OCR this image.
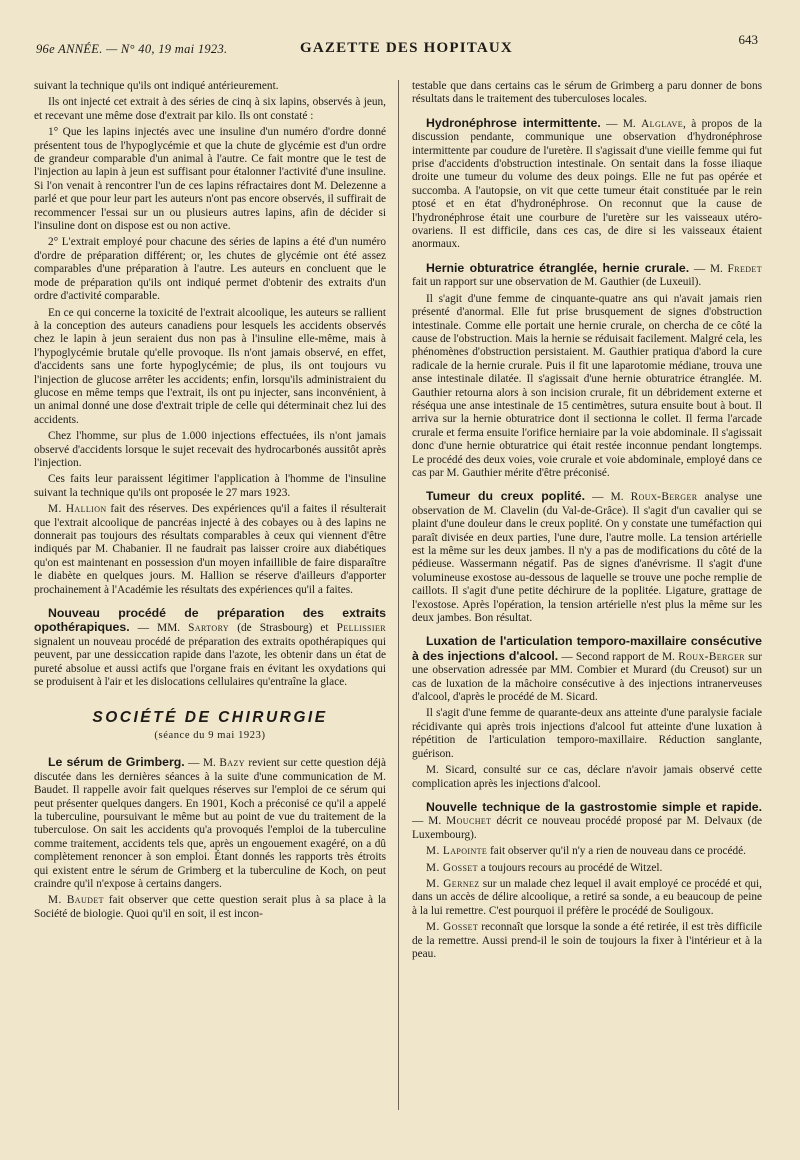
96e ANNÉE. — N° 40, 19 mai 1923.	GAZETTE DES HOPITAUX
643

suivant la technique qu'ils ont indiqué antérieurement.

Ils ont injecté cet extrait à des séries de cinq à six lapins, observés à jeun, et recevant une même dose d'extrait par kilo. Ils ont constaté :

1° Que les lapins injectés avec une insuline d'un numéro d'ordre donné présentent tous de l'hypoglycémie et que la chute de glycémie est d'un ordre de grandeur comparable d'un animal à l'autre. Ce fait montre que le test de l'injection au lapin à jeun est suffisant pour étalonner l'activité d'une insuline. Si l'on venait à rencontrer l'un de ces lapins réfractaires dont M. Delezenne a parlé et que pour leur part les auteurs n'ont pas encore observés, il suffirait de recommencer l'essai sur un ou plusieurs autres lapins, afin de décider si l'insuline dont on dispose est ou non active.

2° L'extrait employé pour chacune des séries de lapins a été d'un numéro d'ordre de préparation différent; or, les chutes de glycémie ont été assez comparables d'une préparation à l'autre. Les auteurs en concluent que le mode de préparation qu'ils ont indiqué permet d'obtenir des extraits d'un ordre d'activité comparable.

En ce qui concerne la toxicité de l'extrait alcoolique, les auteurs se rallient à la conception des auteurs canadiens pour lesquels les accidents observés chez le lapin à jeun seraient dus non pas à l'insuline elle-même, mais à l'hypoglycémie brutale qu'elle provoque. Ils n'ont jamais observé, en effet, d'accidents sans une forte hypoglycémie; de plus, ils ont toujours vu l'injection de glucose arrêter les accidents; enfin, lorsqu'ils administraient du glucose en même temps que l'extrait, ils ont pu injecter, sans inconvénient, à un animal donné une dose d'extrait triple de celle qui déterminait chez lui des accidents.

Chez l'homme, sur plus de 1.000 injections effectuées, ils n'ont jamais observé d'accidents lorsque le sujet recevait des hydrocarbonés aussitôt après l'injection.

Ces faits leur paraissent légitimer l'application à l'homme de l'insuline suivant la technique qu'ils ont proposée le 27 mars 1923.

M. Hallion fait des réserves. Des expériences qu'il a faites il résulterait que l'extrait alcoolique de pancréas injecté à des cobayes ou à des lapins ne donnerait pas toujours des résultats comparables à ceux qui viennent d'être indiqués par M. Chabanier. Il ne faudrait pas laisser croire aux diabétiques qu'on est maintenant en possession d'un moyen infaillible de faire disparaître le diabète en quelques jours. M. Hallion se réserve d'ailleurs d'apporter prochainement à l'Académie les résultats des expériences qu'il a faites.

Nouveau procédé de préparation des extraits opothérapiques. — MM. Sartory (de Strasbourg) et Pellissier signalent un nouveau procédé de préparation des extraits opothérapiques qui peuvent, par une dessiccation rapide dans l'azote, les obtenir dans un état de pureté absolue et aussi actifs que l'organe frais en évitant les oxydations qui se produisent à l'air et les dislocations cellulaires qu'entraîne la glace.

SOCIÉTÉ DE CHIRURGIE
(séance du 9 mai 1923)

Le sérum de Grimberg. — M. Bazy revient sur cette question déjà discutée dans les dernières séances à la suite d'une communication de M. Baudet. Il rappelle avoir fait quelques réserves sur l'emploi de ce sérum qui peut présenter quelques dangers. En 1901, Koch a préconisé ce qu'il a appelé la tuberculine, poursuivant le même but au point de vue du traitement de la tuberculose. On sait les accidents qu'a provoqués l'emploi de la tuberculine comme traitement, accidents tels que, après un engouement exagéré, on a dû complètement renoncer à son emploi. Étant donnés les rapports très étroits qui existent entre le sérum de Grimberg et la tuberculine de Koch, on peut craindre qu'il n'expose à certains dangers.

M. Baudet fait observer que cette question serait plus à sa place à la Société de biologie. Quoi qu'il en soit, il est incon-

testable que dans certains cas le sérum de Grimberg a paru donner de bons résultats dans le traitement des tuberculoses locales.

Hydronéphrose intermittente. — M. Alglave, à propos de la discussion pendante, communique une observation d'hydronéphrose intermittente par coudure de l'uretère. Il s'agissait d'une vieille femme qui fut prise d'accidents d'obstruction intestinale. On sentait dans la fosse iliaque droite une tumeur du volume des deux poings. Elle ne fut pas opérée et succomba. A l'autopsie, on vit que cette tumeur était constituée par le rein ptosé et en état d'hydronéphrose. On reconnut que la cause de l'hydronéphrose était une courbure de l'uretère sur les vaisseaux utéro-ovariens. Il est difficile, dans ces cas, de dire si les vaisseaux étaient anormaux.

Hernie obturatrice étranglée, hernie crurale. — M. Fredet fait un rapport sur une observation de M. Gauthier (de Luxeuil).

Il s'agit d'une femme de cinquante-quatre ans qui n'avait jamais rien présenté d'anormal. Elle fut prise brusquement de signes d'obstruction intestinale. Comme elle portait une hernie crurale, on chercha de ce côté la cause de l'obstruction. Mais la hernie se réduisait facilement. Malgré cela, les phénomènes d'obstruction persistaient. M. Gauthier pratiqua d'abord la cure radicale de la hernie crurale. Puis il fit une laparotomie médiane, trouva une anse intestinale dilatée. Il s'agissait d'une hernie obturatrice étranglée. M. Gauthier retourna alors à son incision crurale, fit un débridement externe et réséqua une anse intestinale de 15 centimètres, sutura ensuite bout à bout. Il arriva sur la hernie obturatrice dont il sectionna le collet. Il ferma l'arcade crurale et ferma ensuite l'orifice herniaire par la voie abdominale. Il s'agissait donc d'une hernie obturatrice qui était restée inconnue pendant longtemps. Le procédé des deux voies, voie crurale et voie abdominale, employé dans ce cas par M. Gauthier mérite d'être préconisé.

Tumeur du creux poplité. — M. Roux-Berger analyse une observation de M. Clavelin (du Val-de-Grâce). Il s'agit d'un cavalier qui se plaint d'une douleur dans le creux poplité. On y constate une tuméfaction qui paraît divisée en deux parties, l'une dure, l'autre molle. La tension artérielle est la même sur les deux jambes. Il n'y a pas de modifications du côté de la pédieuse. Wassermann négatif. Pas de signes d'anévrisme. Il s'agit d'une volumineuse exostose au-dessous de laquelle se trouve une poche remplie de caillots. Il s'agit d'une petite déchirure de la poplitée. Ligature, grattage de l'exostose. Après l'opération, la tension artérielle n'est plus la même sur les deux jambes. Bon résultat.

Luxation de l'articulation temporo-maxillaire consécutive à des injections d'alcool. — Second rapport de M. Roux-Berger sur une observation adressée par MM. Combier et Murard (du Creusot) sur un cas de luxation de la mâchoire consécutive à des injections intranerveuses d'alcool, d'après le procédé de M. Sicard.

Il s'agit d'une femme de quarante-deux ans atteinte d'une paralysie faciale récidivante qui après trois injections d'alcool fut atteinte d'une luxation à répétition de l'articulation temporo-maxillaire. Réduction sanglante, guérison.

M. Sicard, consulté sur ce cas, déclare n'avoir jamais observé cette complication après les injections d'alcool.

Nouvelle technique de la gastrostomie simple et rapide. — M. Mouchet décrit ce nouveau procédé proposé par M. Delvaux (de Luxembourg).

M. Lapointe fait observer qu'il n'y a rien de nouveau dans ce procédé.

M. Gosset a toujours recours au procédé de Witzel.

M. Gernez sur un malade chez lequel il avait employé ce procédé et qui, dans un accès de délire alcoolique, a retiré sa sonde, a eu beaucoup de peine à la lui remettre. C'est pourquoi il préfère le procédé de Souligoux.

M. Gosset reconnaît que lorsque la sonde a été retirée, il est très difficile de la remettre. Aussi prend-il le soin de toujours la fixer à l'intérieur et à la peau.
